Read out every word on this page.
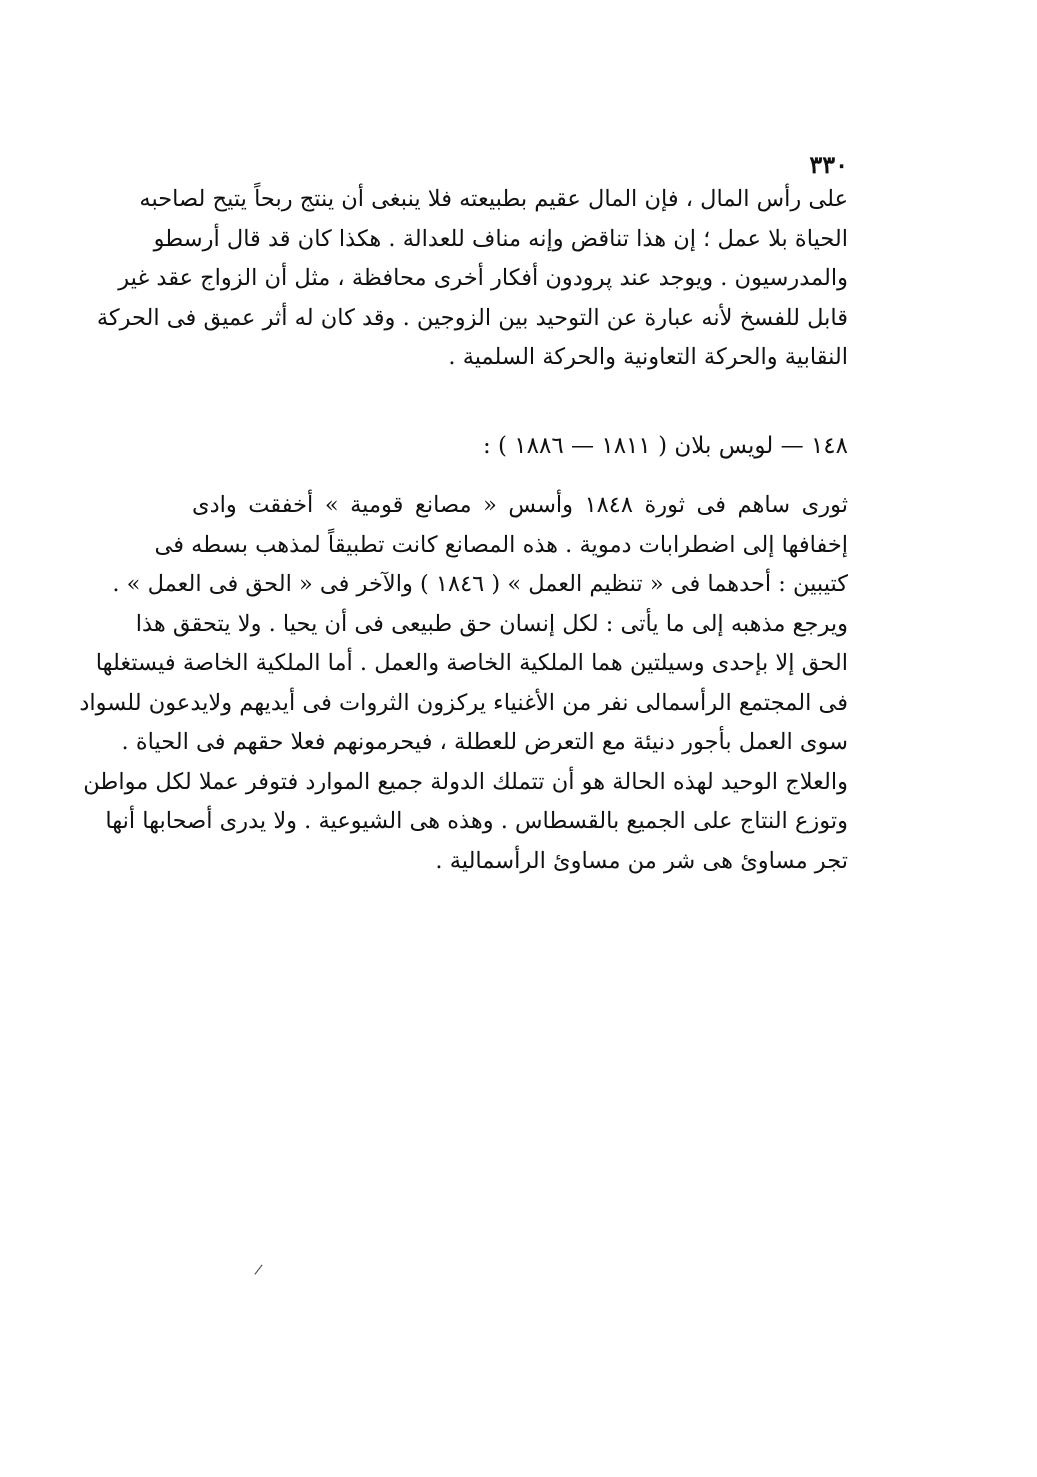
٣٣٠
على رأس المال ، فإن المال عقيم بطبيعته فلا ينبغى أن ينتج ربحاً يتيح لصاحبه
الحياة بلا عمل ؛ إن هذا تناقض وإنه مناف للعدالة . هكذا كان قد قال أرسطو
والمدرسيون . ويوجد عند پرودون أفكار أخرى محافظة ، مثل أن الزواج عقد غير
قابل للفسخ لأنه عبارة عن التوحيد بين الزوجين . وقد كان له أثر عميق فى الحركة
النقابية والحركة التعاونية والحركة السلمية .
١٤٨ — لويس بلان ( ١٨١١ — ١٨٨٦ ) :
ثورى ساهم فى ثورة ١٨٤٨ وأسس « مصانع قومية » أخفقت وادى
إخفافها إلى اضطرابات دموية . هذه المصانع كانت تطبيقاً لمذهب بسطه فى
كتيبين : أحدهما فى « تنظيم العمل » ( ١٨٤٦ ) والآخر فى « الحق فى العمل » .
ويرجع مذهبه إلى ما يأتى : لكل إنسان حق طبيعى فى أن يحيا . ولا يتحقق هذا
الحق إلا بإحدى وسيلتين هما الملكية الخاصة والعمل . أما الملكية الخاصة فيستغلها
فى المجتمع الرأسمالى نفر من الأغنياء يركزون الثروات فى أيديهم ولايدعون للسواد
سوى العمل بأجور دنيئة مع التعرض للعطلة ، فيحرمونهم فعلا حقهم فى الحياة .
والعلاج الوحيد لهذه الحالة هو أن تتملك الدولة جميع الموارد فتوفر عملا لكل مواطن
وتوزع النتاج على الجميع بالقسطاس . وهذه هى الشيوعية . ولا يدرى أصحابها أنها
تجر مساوئ هى شر من مساوئ الرأسمالية .
/
